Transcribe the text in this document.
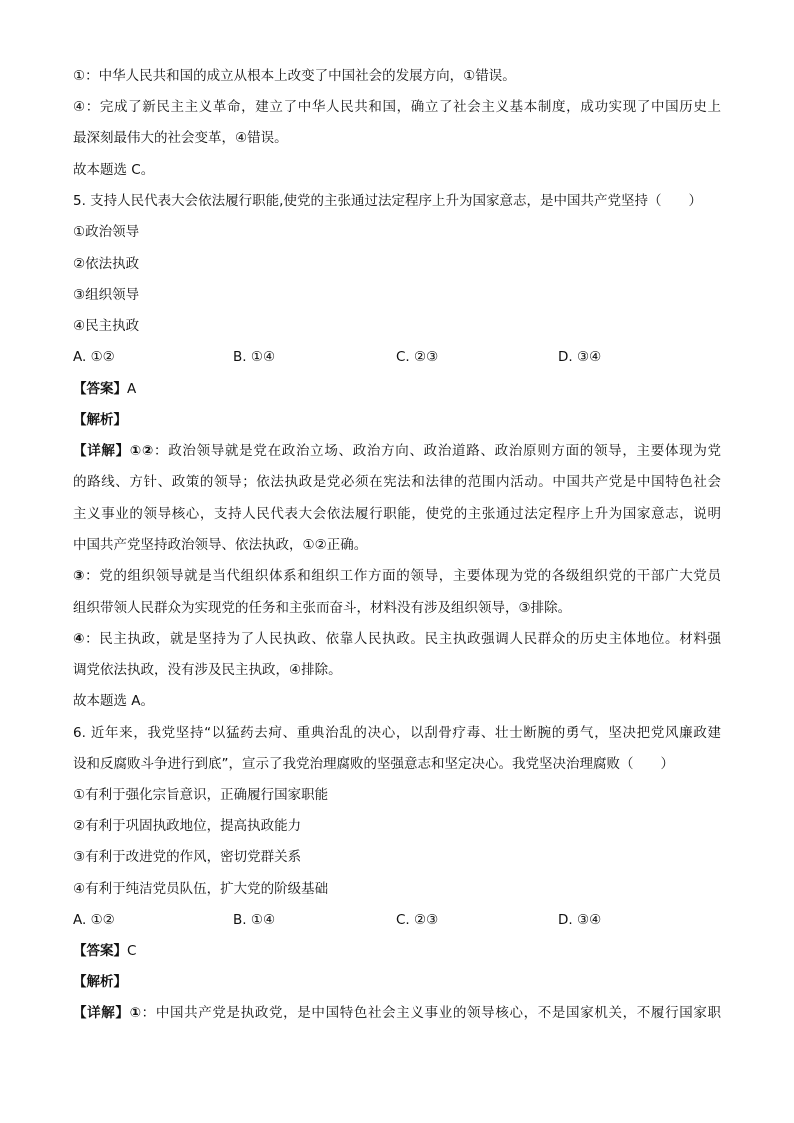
①：中华人民共和国的成立从根本上改变了中国社会的发展方向，①错误。
④：完成了新民主主义革命，建立了中华人民共和国，确立了社会主义基本制度，成功实现了中国历史上
最深刻最伟大的社会变革，④错误。
故本题选 C。
5. 支持人民代表大会依法履行职能,使党的主张通过法定程序上升为国家意志，是中国共产党坚持（　　）
①政治领导
②依法执政
③组织领导
④民主执政
A. ①②	B. ①④	C. ②③	D. ③④
【答案】A
【解析】
【详解】①②：政治领导就是党在政治立场、政治方向、政治道路、政治原则方面的领导，主要体现为党
的路线、方针、政策的领导；依法执政是党必须在宪法和法律的范围内活动。中国共产党是中国特色社会
主义事业的领导核心，支持人民代表大会依法履行职能，使党的主张通过法定程序上升为国家意志，说明
中国共产党坚持政治领导、依法执政，①②正确。
③：党的组织领导就是当代组织体系和组织工作方面的领导，主要体现为党的各级组织党的干部广大党员
组织带领人民群众为实现党的任务和主张而奋斗，材料没有涉及组织领导，③排除。
④：民主执政，就是坚持为了人民执政、依靠人民执政。民主执政强调人民群众的历史主体地位。材料强
调党依法执政，没有涉及民主执政，④排除。
故本题选 A。
6. 近年来，我党坚持“以猛药去疴、重典治乱的决心，以刮骨疗毒、壮士断腕的勇气，坚决把党风廉政建
设和反腐败斗争进行到底”，宣示了我党治理腐败的坚强意志和坚定决心。我党坚决治理腐败（　　）
①有利于强化宗旨意识，正确履行国家职能
②有利于巩固执政地位，提高执政能力
③有利于改进党的作风，密切党群关系
④有利于纯洁党员队伍，扩大党的阶级基础
A. ①②	B. ①④	C. ②③	D. ③④
【答案】C
【解析】
【详解】①：中国共产党是执政党，是中国特色社会主义事业的领导核心，不是国家机关，不履行国家职
